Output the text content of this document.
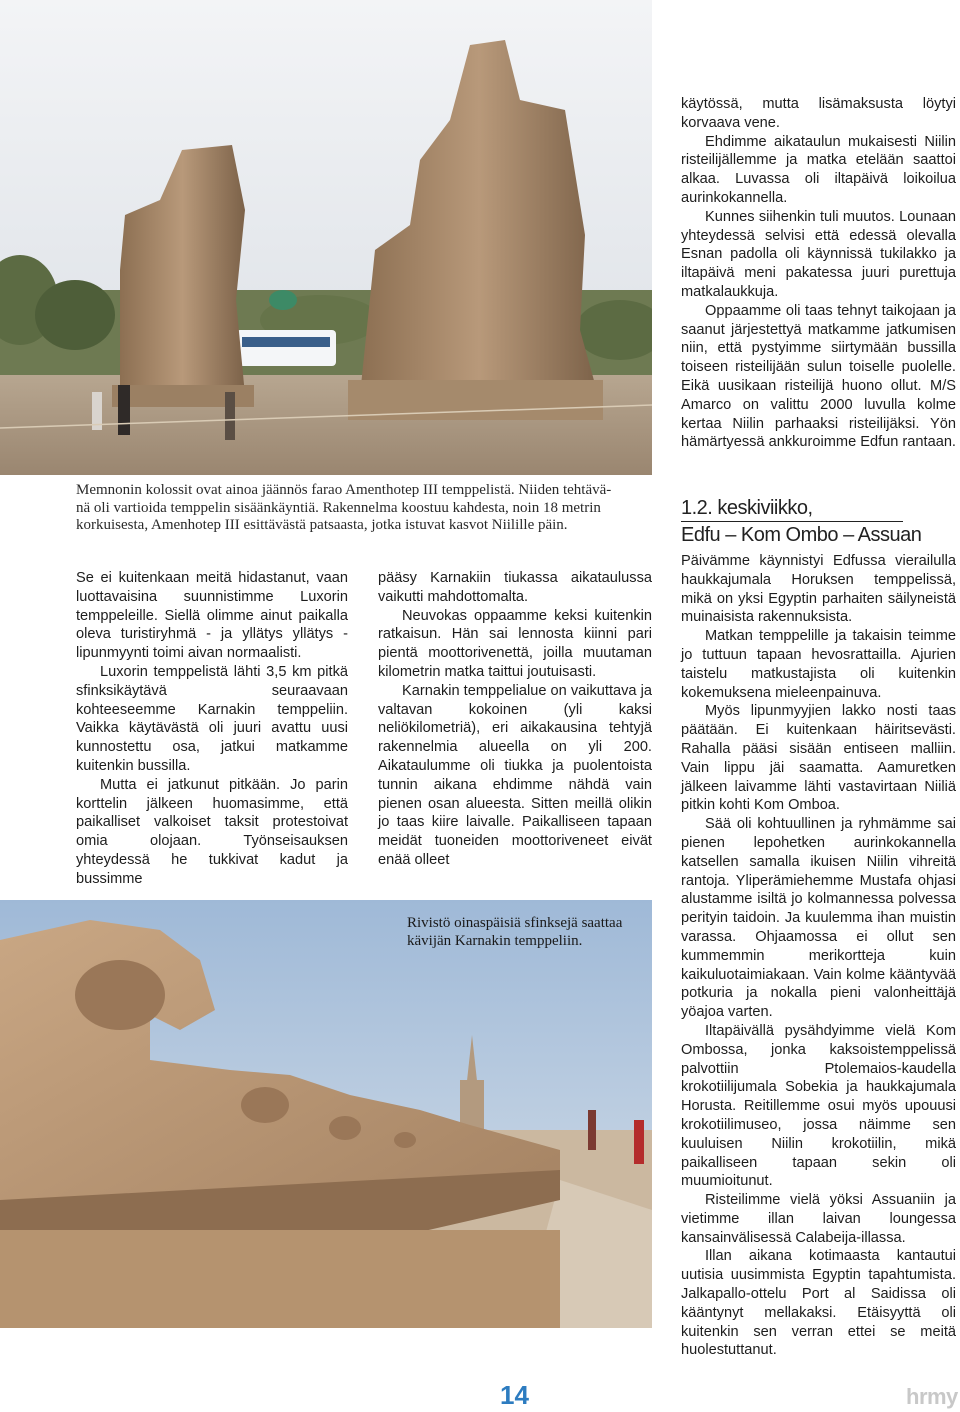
Memnonin kolossit ovat ainoa jäännös farao Amenthotep III temppelistä. Niiden tehtävä-

nä oli vartioida temppelin sisäänkäyntiä. Rakennelma koostuu kahdesta, noin 18 metrin

korkuisesta, Amenhotep III esittävästä patsaasta, jotka istuvat kasvot Niilille päin.

Se ei kuitenkaan meitä hidastanut, vaan luottavaisina suunnistimme Luxorin temppeleille. Siellä olimme ainut paikalla oleva turistiryhmä - ja yllätys yllätys - lipunmyynti toimi aivan normaalisti.

Luxorin temppelistä lähti 3,5 km pitkä sfinksikäytävä seuraavaan kohteeseemme Karnakin temppeliin. Vaikka käytävästä oli juuri avattu uusi kunnostettu osa, jatkui matkamme kuitenkin bussilla.

Mutta ei jatkunut pitkään. Jo parin korttelin jälkeen huomasimme, että paikalliset valkoiset taksit protestoivat omia olojaan. Työnseisauksen yhteydessä he tukkivat kadut ja bussimme

pääsy Karnakiin tiukassa aikataulussa vaikutti mahdottomalta.

Neuvokas oppaamme keksi kuitenkin ratkaisun. Hän sai lennosta kiinni pari pientä moottorivenettä, joilla muutaman kilometrin matka taittui joutuisasti.

Karnakin temppelialue on vaikuttava ja valtavan kokoinen (yli kaksi neliökilometriä), eri aikakausina tehtyjä rakennelmia alueella on yli 200. Aikataulumme oli tiukka ja puolentoista tunnin aikana ehdimme nähdä vain pienen osan alueesta. Sitten meillä olikin jo taas kiire laivalle. Paikalliseen tapaan meidät tuoneiden moottoriveneet eivät enää olleet

Rivistö oinaspäisiä sfinksejä saattaa

kävijän Karnakin temppeliin.

käytössä, mutta lisämaksusta löytyi korvaava vene.

Ehdimme aikataulun mukaisesti Niilin risteilijällemme ja matka etelään saattoi alkaa. Luvassa oli iltapäivä loikoilua aurinkokannella.

Kunnes siihenkin tuli muutos. Lounaan yhteydessä selvisi että edessä olevalla Esnan padolla oli käynnissä tukilakko ja iltapäivä meni pakatessa juuri purettuja matkalaukkuja.

Oppaamme oli taas tehnyt taikojaan ja saanut järjestettyä matkamme jatkumisen niin, että pystyimme siirtymään bussilla toiseen risteilijään sulun toiselle puolelle. Eikä uusikaan risteilijä huono ollut. M/S Amarco on valittu 2000 luvulla kolme kertaa Niilin parhaaksi risteilijäksi. Yön hämärtyessä ankkuroimme Edfun rantaan.

1.2. keskiviikko,
Edfu – Kom Ombo – Assuan

Päivämme käynnistyi Edfussa vierailulla haukkajumala Horuksen temppelissä, mikä on yksi Egyptin parhaiten säilyneistä muinaisista rakennuksista.

Matkan temppelille ja takaisin teimme jo tuttuun tapaan hevosrattailla. Ajurien taistelu matkustajista oli kuitenkin kokemuksena mieleenpainuva.

Myös lipunmyyjien lakko nosti taas päätään. Ei kuitenkaan häiritsevästi. Rahalla pääsi sisään entiseen malliin. Vain lippu jäi saamatta. Aamuretken jälkeen laivamme lähti vastavirtaan Niiliä pitkin kohti Kom Omboa.

Sää oli kohtuullinen ja ryhmämme sai pienen lepohetken aurinkokannella katsellen samalla ikuisen Niilin vihreitä rantoja. Yliperämiehemme Mustafa ohjasi alustamme isiltä jo kolmannessa polvessa perityin taidoin. Ja kuulemma ihan muistin varassa. Ohjaamossa ei ollut sen kummemmin merikortteja kuin kaikuluotaimiakaan. Vain kolme kääntyvää potkuria ja nokalla pieni valonheittäjä yöajoa varten.

Iltapäivällä pysähdyimme vielä Kom Ombossa, jonka kaksoistemppelissä palvottiin Ptolemaios-kaudella krokotiilijumala Sobekia ja haukkajumala Horusta. Reitillemme osui myös upouusi krokotiilimuseo, jossa näimme sen kuuluisen Niilin krokotiilin, mikä paikalliseen tapaan sekin oli muumioitunut.

Risteilimme vielä yöksi Assuaniin ja vietimme illan laivan loungessa kansainvälisessä Calabeija-illassa.

Illan aikana kotimaasta kantautui uutisia uusimmista Egyptin tapahtumista. Jalkapallo-ottelu Port al Saidissa oli kääntynyt mellakaksi. Etäisyyttä oli kuitenkin sen verran ettei se meitä huolestuttanut.

14	hrmy
